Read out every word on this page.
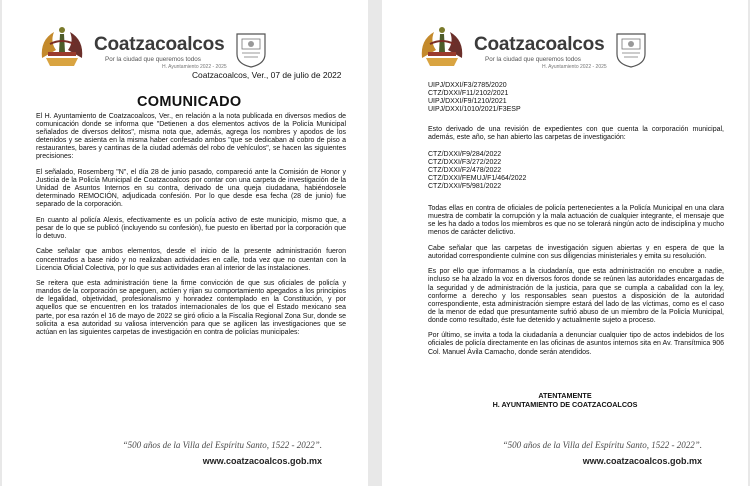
Coatzacoalcos
Por la ciudad que queremos todos
H. Ayuntamiento 2022 - 2025
Coatzacoalcos, Ver., 07 de julio de 2022
COMUNICADO

El H. Ayuntamiento de Coatzacoalcos, Ver., en relación a la nota publicada en diversos medios de comunicación donde se informa que "Detienen a dos elementos activos de la Policía Municipal señalados de diversos delitos", misma nota que, además, agrega los nombres y apodos de los detenidos y se asienta en la misma haber confesado ambos "que se dedicaban al cobro de piso a restaurantes, bares y cantinas de la ciudad además del robo de vehículos", se hacen las siguientes precisiones:

El señalado, Rosemberg "N", el día 28 de junio pasado, compareció ante la Comisión de Honor y Justicia de la Policía Municipal de Coatzacoalcos por contar con una carpeta de investigación de la Unidad de Asuntos Internos en su contra, derivado de una queja ciudadana, habiéndosele determinado REMOCIÓN, adjudicada confesión. Por lo que desde esa fecha (28 de junio) fue separado de la corporación.

En cuanto al policía Alexis, efectivamente es un policía activo de este municipio, mismo que, a pesar de lo que se publicó (incluyendo su confesión), fue puesto en libertad por la corporación que lo detuvo.

Cabe señalar que ambos elementos, desde el inicio de la presente administración fueron concentrados a base nido y no realizaban actividades en calle, toda vez que no cuentan con la Licencia Oficial Colectiva, por lo que sus actividades eran al interior de las instalaciones.

Se reitera que esta administración tiene la firme convicción de que sus oficiales de policía y mandos de la corporación se apeguen, actúen y rijan su comportamiento apegados a los principios de legalidad, objetividad, profesionalismo y honradez contemplado en la Constitución, y por aquellos que se encuentren en los tratados internacionales de los que el Estado mexicano sea parte, por esa razón el 16 de mayo de 2022 se giró oficio a la Fiscalía Regional Zona Sur, donde se solicita a esa autoridad su valiosa intervención para que se agilicen las investigaciones que se actúan en las siguientes carpetas de investigación en contra de policías municipales:

“500 años de la Villa del Espíritu Santo, 1522 - 2022”.
www.coatzacoalcos.gob.mx
Coatzacoalcos
Por la ciudad que queremos todos
H. Ayuntamiento 2022 - 2025
UIPJ/DXXI/F3/2785/2020
CTZ/DXXI/F11/2102/2021
UIPJ/DXXI/F9/1210/2021
UIPJ/DXXI/1010/2021/F3ESP

Esto derivado de una revisión de expedientes con que cuenta la corporación municipal, además, este año, se han abierto las carpetas de investigación:

CTZ/DXXI/F9/284/2022
CTZ/DXXI/F3/272/2022
CTZ/DXXI/F2/478/2022
CTZ/DXXI/FEMUJ/F1/464/2022
CTZ/DXXI/F5/981/2022

Todas ellas en contra de oficiales de policía pertenecientes a la Policía Municipal en una clara muestra de combatir la corrupción y la mala actuación de cualquier integrante, el mensaje que se les ha dado a todos los miembros es que no se tolerará ningún acto de indisciplina y mucho menos de carácter delictivo.

Cabe señalar que las carpetas de investigación siguen abiertas y en espera de que la autoridad correspondiente culmine con sus diligencias ministeriales y emita su resolución.

Es por ello que informamos a la ciudadanía, que esta administración no encubre a nadie, incluso se ha alzado la voz en diversos foros donde se reúnen las autoridades encargadas de la seguridad y de administración de la justicia, para que se cumpla a cabalidad con la ley, conforme a derecho y los responsables sean puestos a disposición de la autoridad correspondiente, esta administración siempre estará del lado de las víctimas, como es el caso de la menor de edad que presuntamente sufrió abuso de un miembro de la Policía Municipal, donde como resultado, éste fue detenido y actualmente sujeto a proceso.

Por último, se invita a toda la ciudadanía a denunciar cualquier tipo de actos indebidos de los oficiales de policía directamente en las oficinas de asuntos internos sita en Av. Transítmica 906 Col. Manuel Ávila Camacho, donde serán atendidos.

ATENTAMENTE
H. AYUNTAMIENTO DE COATZACOALCOS
“500 años de la Villa del Espíritu Santo, 1522 - 2022”.
www.coatzacoalcos.gob.mx
